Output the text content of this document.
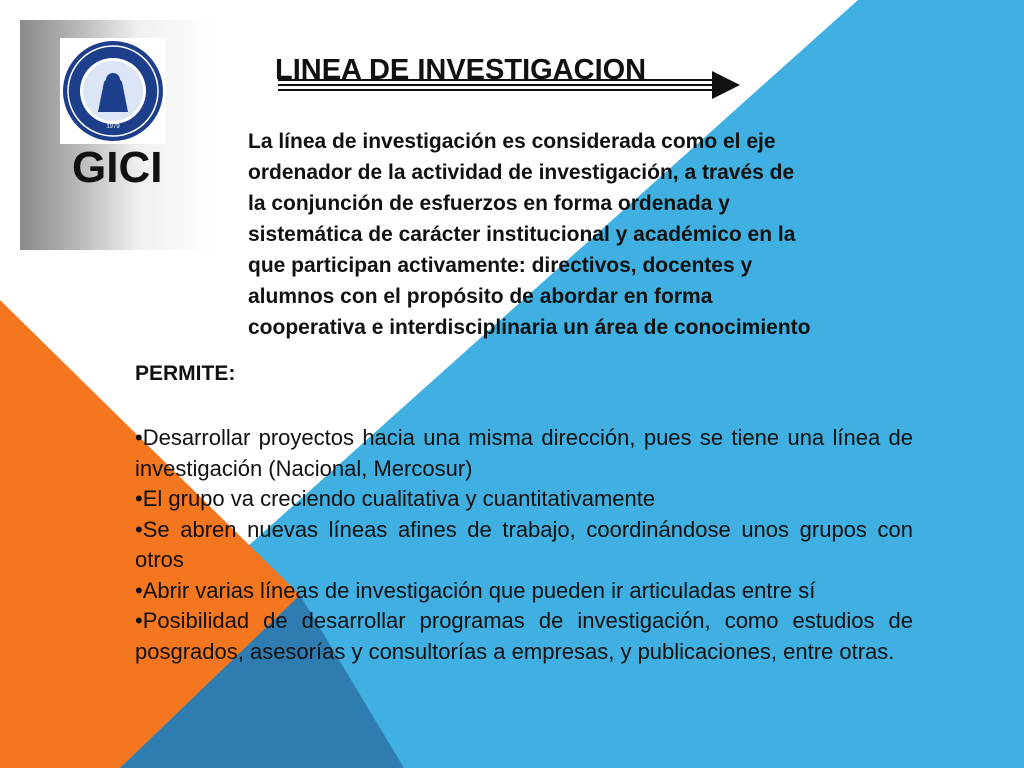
1979
GICI
LINEA DE INVESTIGACION
La línea de investigación es considerada como el eje
ordenador de la actividad de investigación, a través de
la conjunción de esfuerzos en forma ordenada y
sistemática de carácter institucional y académico en la
que participan activamente: directivos, docentes y
alumnos con el propósito de abordar en forma
cooperativa e interdisciplinaria un área de conocimiento
PERMITE:
•Desarrollar proyectos hacia una misma dirección, pues se tiene una línea de investigación (Nacional, Mercosur)
•El grupo va creciendo cualitativa y cuantitativamente
•Se abren nuevas líneas afines de trabajo, coordinándose unos grupos con otros
•Abrir varias líneas de investigación que pueden ir articuladas entre sí
•Posibilidad de desarrollar programas de investigación, como estudios de posgrados, asesorías y consultorías a empresas, y publicaciones, entre otras.
